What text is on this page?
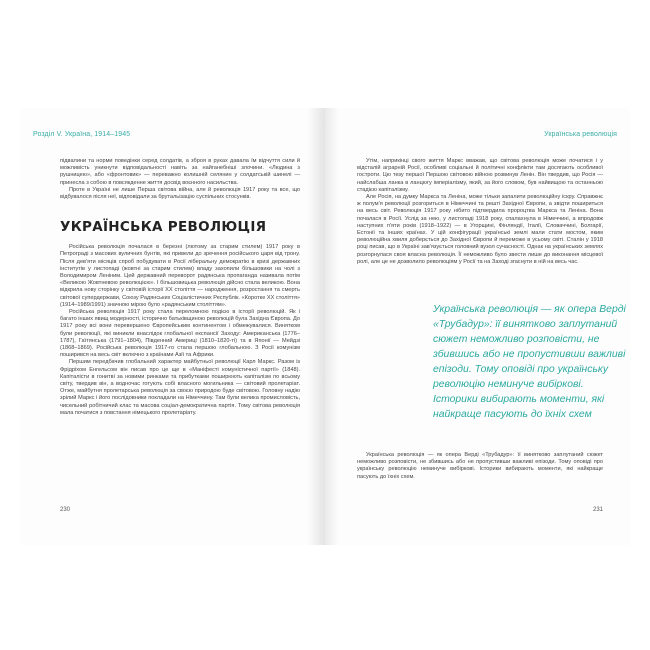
Розділ V. Україна, 1914–1945

підвалини та норми поведінки серед солдатів, а зброя в руках давала їм відчуття сили й можливість уникнути відповідальності навіть за найганебніші злочини. «Людина з рушницею», або «фронтовик» — переважно колишній селянин у солдатській шинелі — принесла з собою в повсякденне життя досвід воєнного насильства.

Проте в Україні не лише Перша світова війна, але й революція 1917 року та все, що відбувалося після неї, відповідали за брутальізацію суспільних стосунків.

УКРАЇНСЬКА РЕВОЛЮЦІЯ

Російська революція почалася в березні (лютому за старим стилем) 1917 року в Петрограді з масових вуличних бунтів, які привели до зречення російського царя від трону. Після дев'яти місяців спроб побудувати в Росії ліберальну демократію в кризі державних інститутів у листопаді (жовтні за старим стилем) владу захопили більшовики на чолі з Володимиром Леніним. Цей державний переворот радянська пропаганда називала потім «Великою Жовтневою революцією». І більшовицька революція дійсно стала великою. Вона відкрила нову сторінку у світовій історії ХХ століття — народження, розростання та смерть світової супердержави, Союзу Радянських Соціалістичних Республік. «Коротке ХХ століття» (1914–1989/1991) значною мірою було «радянським століттям».

Російська революція 1917 року стала переломною подією в історії революцій. Як і багато інших явищ модерності, історично батьківщиною революцій була Західна Європа. До 1917 року всі вони перевершено Європейським континентом і обмежувалися. Винятком були революції, які виникли внаслідок глобальної експансії Заходу: Американська (1776–1787), Гаїтянська (1791–1804), Південний Америці (1810–1820-ті) та в Японії — Мейдзі (1868–1869). Російська революція 1917-го стала першою глобальною. З Росії комунізм поширився на весь світ включно з країнами Азії та Африки.

Першим передбачив глобальний характер майбутньої революції Карл Маркс. Разом із Фрідріхом Енгельсом він писав про це ще в «Маніфесті комуністичної партії» (1848). Капіталісти в гонитві за новими ринками та прибутками поширюють капіталізм по всьому світу, твердив він, а водночас готують собі власного могильника — світовий пролетаріат. Отже, майбутня пролетарська революція за своєю природою буде світовою. Головну надію зрілий Маркс і його послідовники покладали на Німеччину. Там були велика промисловість, чисельний робітничий клас та масова соціал-демократична партія. Тому світова революція мала початися з повстання німецького пролетаріату.

230
Українська революція

Утім, наприкінці свого життя Маркс вважав, що світова революція може початися і у відсталій аграрній Росії, особливі соціальні й політичні конфлікти там досягають особливої гостроти. Цю тезу першої Першою світовою війною розвинув Ленін. Він твердив, що Росія — найслабша ланка в ланцюгу імперіалізму, який, за його словом, був найвищою та останньою стадією капіталізму.

Але Росія, на думку Маркса та Леніна, може тільки запалити революційну іскру. Справжнє ж полум'я революції розгориться в Німеччині та решті Західної Європи, а звідти пошириться на весь світ. Революція 1917 року нібито підтвердила пророцтва Маркса та Леніна. Вона почалася в Росії. Услід за нею, у листопаді 1918 року, спалахнула в Німеччині, а впродовж наступних п'яти років (1918–1922) — в Угорщині, Фінляндії, Італії, Словаччині, Болгарії, Естонії та інших країнах. У цій конфігурації українські землі мали стати мостом, яким революційна хвиля доберється до Західної Європи й переможе в усьому світі. Сталін у 1918 році писав, що в Україні зав'язується головний вузол сучасності. Однак на українських землях розгорнулася своя власна революція. Її неможливо було звести лише до виконання місцевої ролі, але це не дозволило революціям у Росії та на Заході згаснути в ній на весь час.

Українська революція — як опера Верді «Трубадур»: її винятково заплутаний сюжет неможливо розповісти, не збившись або не пропустивши важливі епізоди. Тому оповіді про українську революцію неминуче вибіркові. Історики вибирають моменти, які найкраще пасують до їхніх схем.

231
Українська революція — як опера Верді «Трубадур»: її винятково заплутаний сюжет неможливо розповісти, не збившись або не пропустивши важливі епізоди. Тому оповіді про українську революцію неминуче вибіркові. Історики вибирають моменти, які найкраще пасують до їхніх схем
